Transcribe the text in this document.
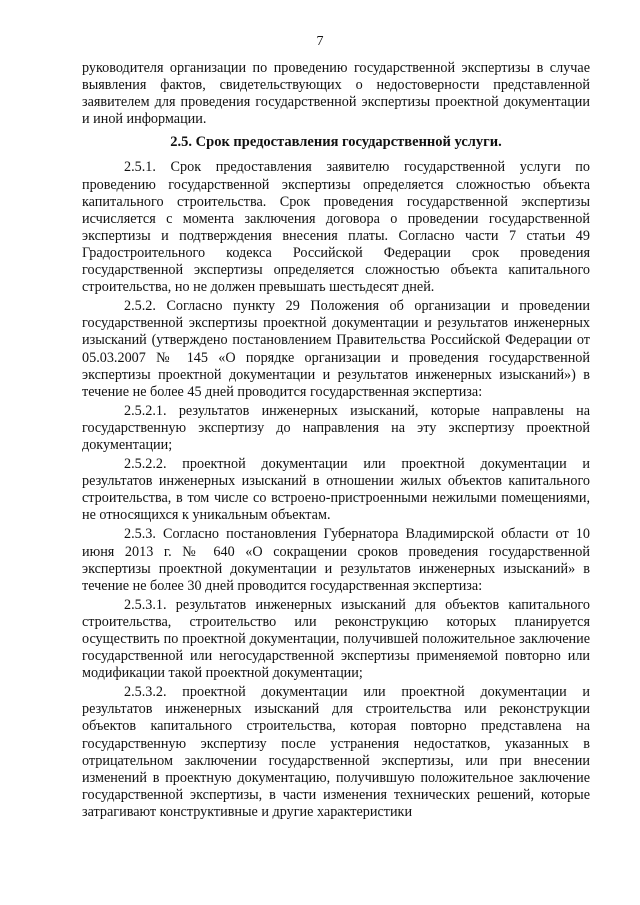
7

руководителя организации по проведению государственной экспертизы в случае выявления фактов, свидетельствующих о недостоверности представленной заявителем для проведения государственной экспертизы проектной документации и иной информации.

2.5. Срок предоставления государственной услуги.

2.5.1. Срок предоставления заявителю государственной услуги по проведению государственной экспертизы определяется сложностью объекта капитального строительства. Срок проведения государственной экспертизы исчисляется с момента заключения договора о проведении государственной экспертизы и подтверждения внесения платы. Согласно части 7 статьи 49 Градостроительного кодекса Российской Федерации срок проведения государственной экспертизы определяется сложностью объекта капитального строительства, но не должен превышать шестьдесят дней.

2.5.2. Согласно пункту 29 Положения об организации и проведении государственной экспертизы проектной документации и результатов инженерных изысканий (утверждено постановлением Правительства Российской Федерации от 05.03.2007 № 145 «О порядке организации и проведения государственной экспертизы проектной документации и результатов инженерных изысканий») в течение не более 45 дней проводится государственная экспертиза:

2.5.2.1. результатов инженерных изысканий, которые направлены на государственную экспертизу до направления на эту экспертизу проектной документации;

2.5.2.2. проектной документации или проектной документации и результатов инженерных изысканий в отношении жилых объектов капитального строительства, в том числе со встроено-пристроенными нежилыми помещениями, не относящихся к уникальным объектам.

2.5.3. Согласно постановления Губернатора Владимирской области от 10 июня 2013 г. № 640 «О сокращении сроков проведения государственной экспертизы проектной документации и результатов инженерных изысканий» в течение не более 30 дней проводится государственная экспертиза:

2.5.3.1. результатов инженерных изысканий для объектов капитального строительства, строительство или реконструкцию которых планируется осуществить по проектной документации, получившей положительное заключение государственной или негосударственной экспертизы применяемой повторно или модификации такой проектной документации;

2.5.3.2. проектной документации или проектной документации и результатов инженерных изысканий для строительства или реконструкции объектов капитального строительства, которая повторно представлена на государственную экспертизу после устранения недостатков, указанных в отрицательном заключении государственной экспертизы, или при внесении изменений в проектную документацию, получившую положительное заключение государственной экспертизы, в части изменения технических решений, которые затрагивают конструктивные и другие характеристики
